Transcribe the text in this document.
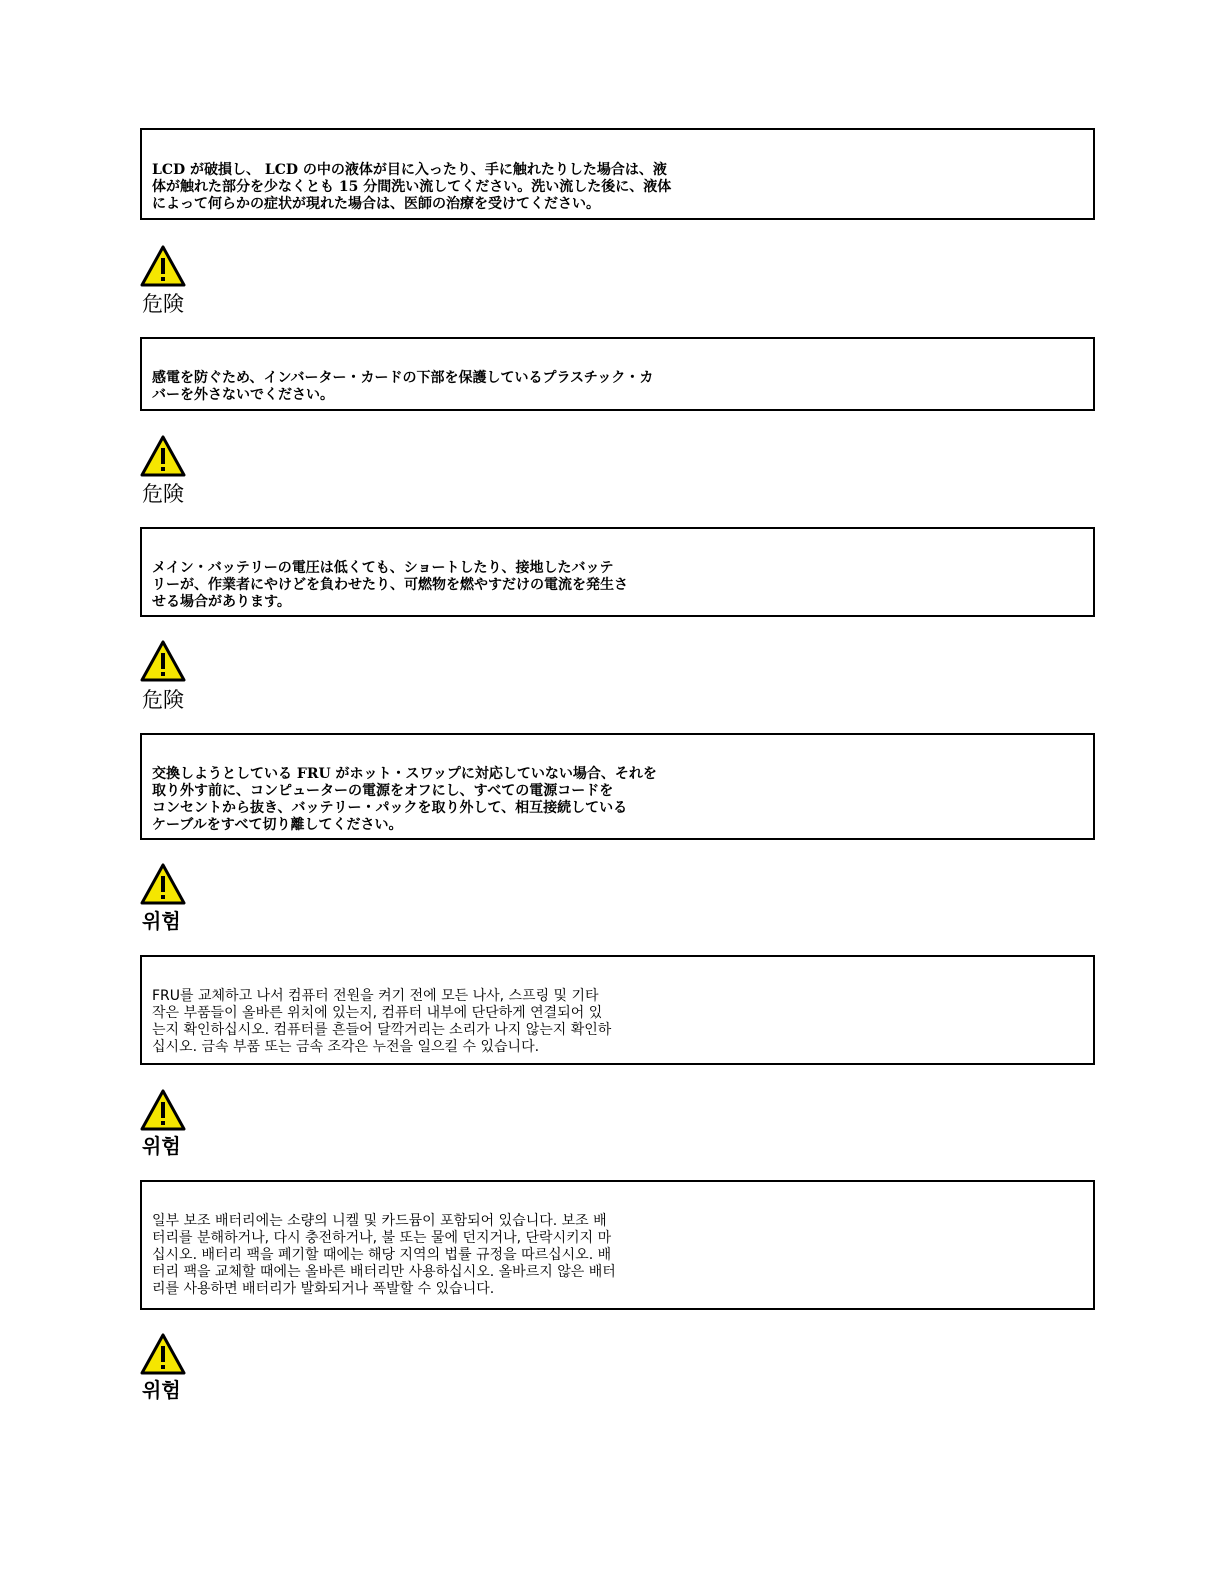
LCD が破損し、 LCD の中の液体が目に入ったり、手に触れたりした場合は、液

体が触れた部分を少なくとも 15 分間洗い流してください。洗い流した後に、液体

によって何らかの症状が現れた場合は、医師の治療を受けてください。

危険

感電を防ぐため、インバーター・カードの下部を保護しているプラスチック・カ

バーを外さないでください。

危険

メイン・バッテリーの電圧は低くても、ショートしたり、接地したバッテ

リーが、作業者にやけどを負わせたり、可燃物を燃やすだけの電流を発生さ

せる場合があります。

危険

交換しようとしている FRU がホット・スワップに対応していない場合、それを

取り外す前に、コンピューターの電源をオフにし、すべての電源コードを

コンセントから抜き、バッテリー・パックを取り外して、相互接続している

ケーブルをすべて切り離してください。

위험

FRU를 교체하고 나서 컴퓨터 전원을 켜기 전에 모든 나사, 스프링 및 기타

작은 부품들이 올바른 위치에 있는지, 컴퓨터 내부에 단단하게 연결되어 있

는지 확인하십시오. 컴퓨터를 흔들어 달깍거리는 소리가 나지 않는지 확인하

십시오. 금속 부품 또는 금속 조각은 누전을 일으킬 수 있습니다.

위험

일부 보조 배터리에는 소량의 니켈 및 카드뮴이 포함되어 있습니다. 보조 배

터리를 분해하거나, 다시 충전하거나, 불 또는 물에 던지거나, 단락시키지 마

십시오. 배터리 팩을 폐기할 때에는 해당 지역의 법률 규정을 따르십시오. 배

터리 팩을 교체할 때에는 올바른 배터리만 사용하십시오. 올바르지 않은 배터

리를 사용하면 배터리가 발화되거나 폭발할 수 있습니다.

위험
